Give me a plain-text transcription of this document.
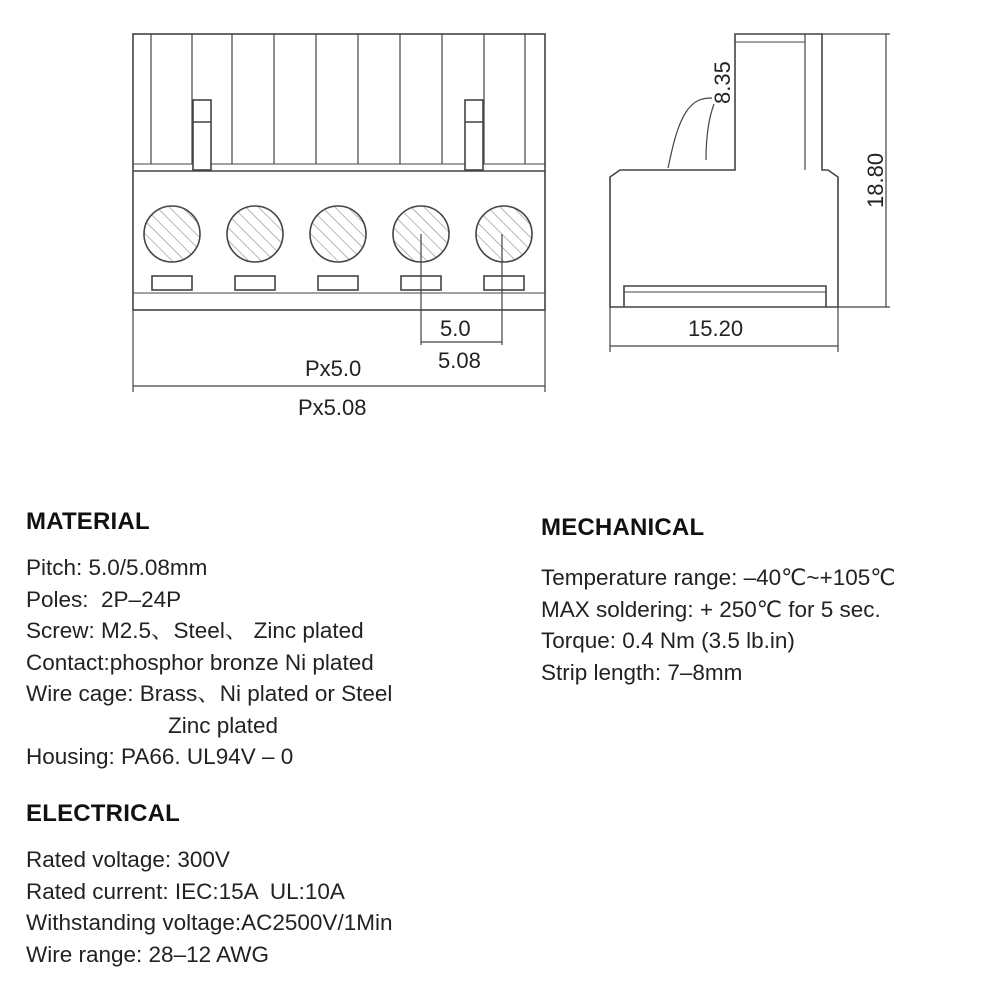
5.0
5.08
Px5.0
Px5.08
15.20
18.80
8.35
MATERIAL
Pitch: 5.0/5.08mm
Poles:  2P–24P
Screw: M2.5、Steel、 Zinc plated
Contact:phosphor bronze Ni plated
Wire cage: Brass、Ni plated or Steel
Zinc plated
Housing: PA66. UL94V – 0
ELECTRICAL
Rated voltage: 300V
Rated current: IEC:15A  UL:10A
Withstanding voltage:AC2500V/1Min
Wire range: 28–12 AWG
MECHANICAL
Temperature range: –40℃~+105℃
MAX soldering: + 250℃ for 5 sec.
Torque: 0.4 Nm (3.5 lb.in)
Strip length: 7–8mm
